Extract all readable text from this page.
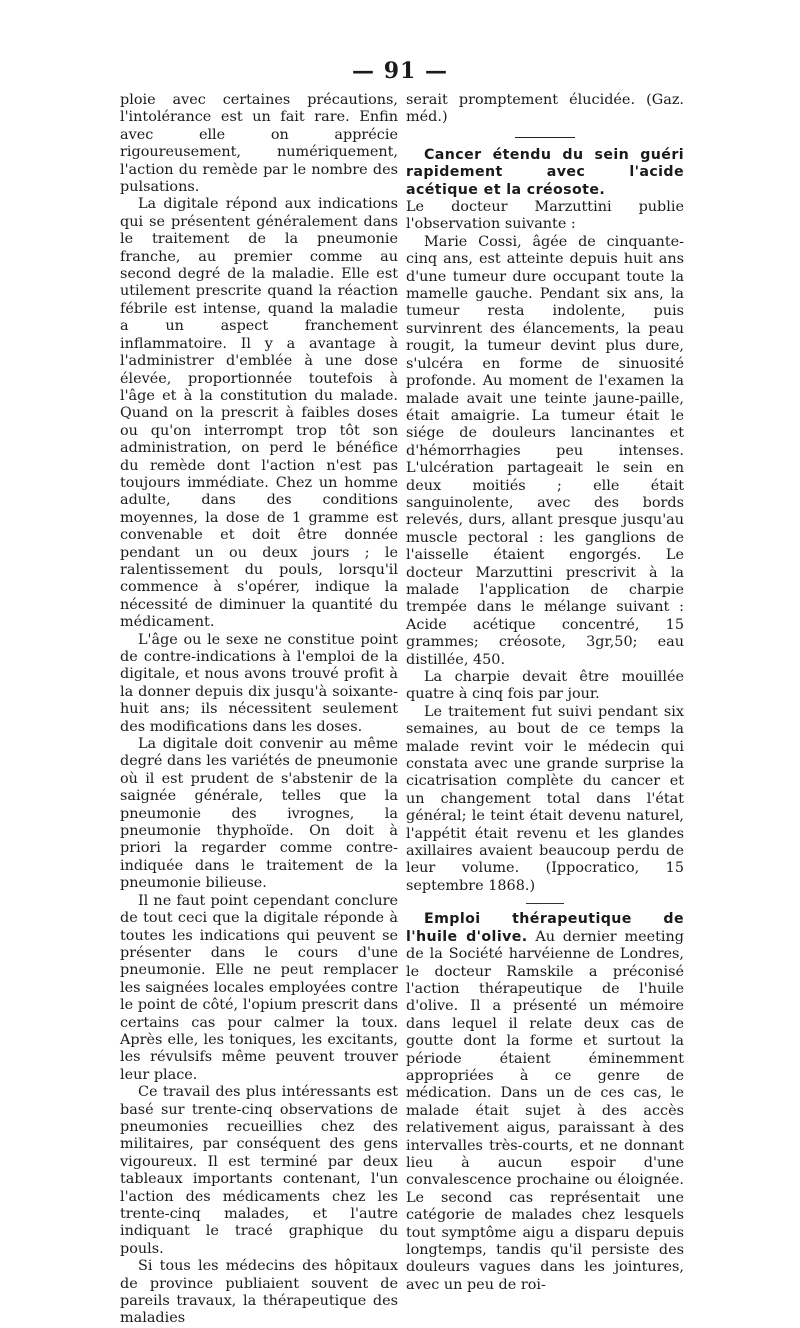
— 91 —

ploie avec certaines précautions, l'intolérance est un fait rare. Enfin avec elle on apprécie rigoureusement, numériquement, l'action du remède par le nombre des pulsations.

La digitale répond aux indications qui se présentent généralement dans le traitement de la pneumonie franche, au premier comme au second degré de la maladie. Elle est utilement prescrite quand la réaction fébrile est intense, quand la maladie a un aspect franchement inflammatoire. Il y a avantage à l'administrer d'emblée à une dose élevée, proportionnée toutefois à l'âge et à la constitution du malade. Quand on la prescrit à faibles doses ou qu'on interrompt trop tôt son administration, on perd le bénéfice du remède dont l'action n'est pas toujours immédiate. Chez un homme adulte, dans des conditions moyennes, la dose de 1 gramme est convenable et doit être donnée pendant un ou deux jours ; le ralentissement du pouls, lorsqu'il commence à s'opérer, indique la nécessité de diminuer la quantité du médicament.

L'âge ou le sexe ne constitue point de contre-indications à l'emploi de la digitale, et nous avons trouvé profit à la donner depuis dix jusqu'à soixante-huit ans; ils nécessitent seulement des modifications dans les doses.

La digitale doit convenir au même degré dans les variétés de pneumonie où il est prudent de s'abstenir de la saignée générale, telles que la pneumonie des ivrognes, la pneumonie thyphoïde. On doit à priori la regarder comme contre-indiquée dans le traitement de la pneumonie bilieuse.

Il ne faut point cependant conclure de tout ceci que la digitale réponde à toutes les indications qui peuvent se présenter dans le cours d'une pneumonie. Elle ne peut remplacer les saignées locales employées contre le point de côté, l'opium prescrit dans certains cas pour calmer la toux. Après elle, les toniques, les excitants, les révulsifs même peuvent trouver leur place.

Ce travail des plus intéressants est basé sur trente-cinq observations de pneumonies recueillies chez des militaires, par conséquent des gens vigoureux. Il est terminé par deux tableaux importants contenant, l'un l'action des médicaments chez les trente-cinq malades, et l'autre indiquant le tracé graphique du pouls.

Si tous les médecins des hôpitaux de province publiaient souvent de pareils travaux, la thérapeutique des maladies

serait promptement élucidée. (Gaz. méd.)

Cancer étendu du sein guéri rapidement avec l'acide acétique et la créosote.

Le docteur Marzuttini publie l'observation suivante :

Marie Cossi, âgée de cinquante-cinq ans, est atteinte depuis huit ans d'une tumeur dure occupant toute la mamelle gauche. Pendant six ans, la tumeur resta indolente, puis survinrent des élancements, la peau rougit, la tumeur devint plus dure, s'ulcéra en forme de sinuosité profonde. Au moment de l'examen la malade avait une teinte jaune-paille, était amaigrie. La tumeur était le siége de douleurs lancinantes et d'hémorrhagies peu intenses. L'ulcération partageait le sein en deux moitiés ; elle était sanguinolente, avec des bords relevés, durs, allant presque jusqu'au muscle pectoral : les ganglions de l'aisselle étaient engorgés. Le docteur Marzuttini prescrivit à la malade l'application de charpie trempée dans le mélange suivant : Acide acétique concentré, 15 grammes; créosote, 3gr,50; eau distillée, 450.

La charpie devait être mouillée quatre à cinq fois par jour.

Le traitement fut suivi pendant six semaines, au bout de ce temps la malade revint voir le médecin qui constata avec une grande surprise la cicatrisation complète du cancer et un changement total dans l'état général; le teint était devenu naturel, l'appétit était revenu et les glandes axillaires avaient beaucoup perdu de leur volume. (Ippocratico, 15 septembre 1868.)

Emploi thérapeutique de l'huile d'olive. Au dernier meeting de la Société harvéienne de Londres, le docteur Ramskile a préconisé l'action thérapeutique de l'huile d'olive. Il a présenté un mémoire dans lequel il relate deux cas de goutte dont la forme et surtout la période étaient éminemment appropriées à ce genre de médication. Dans un de ces cas, le malade était sujet à des accès relativement aigus, paraissant à des intervalles très-courts, et ne donnant lieu à aucun espoir d'une convalescence prochaine ou éloignée. Le second cas représentait une catégorie de malades chez lesquels tout symptôme aigu a disparu depuis longtemps, tandis qu'il persiste des douleurs vagues dans les jointures, avec un peu de roi-
